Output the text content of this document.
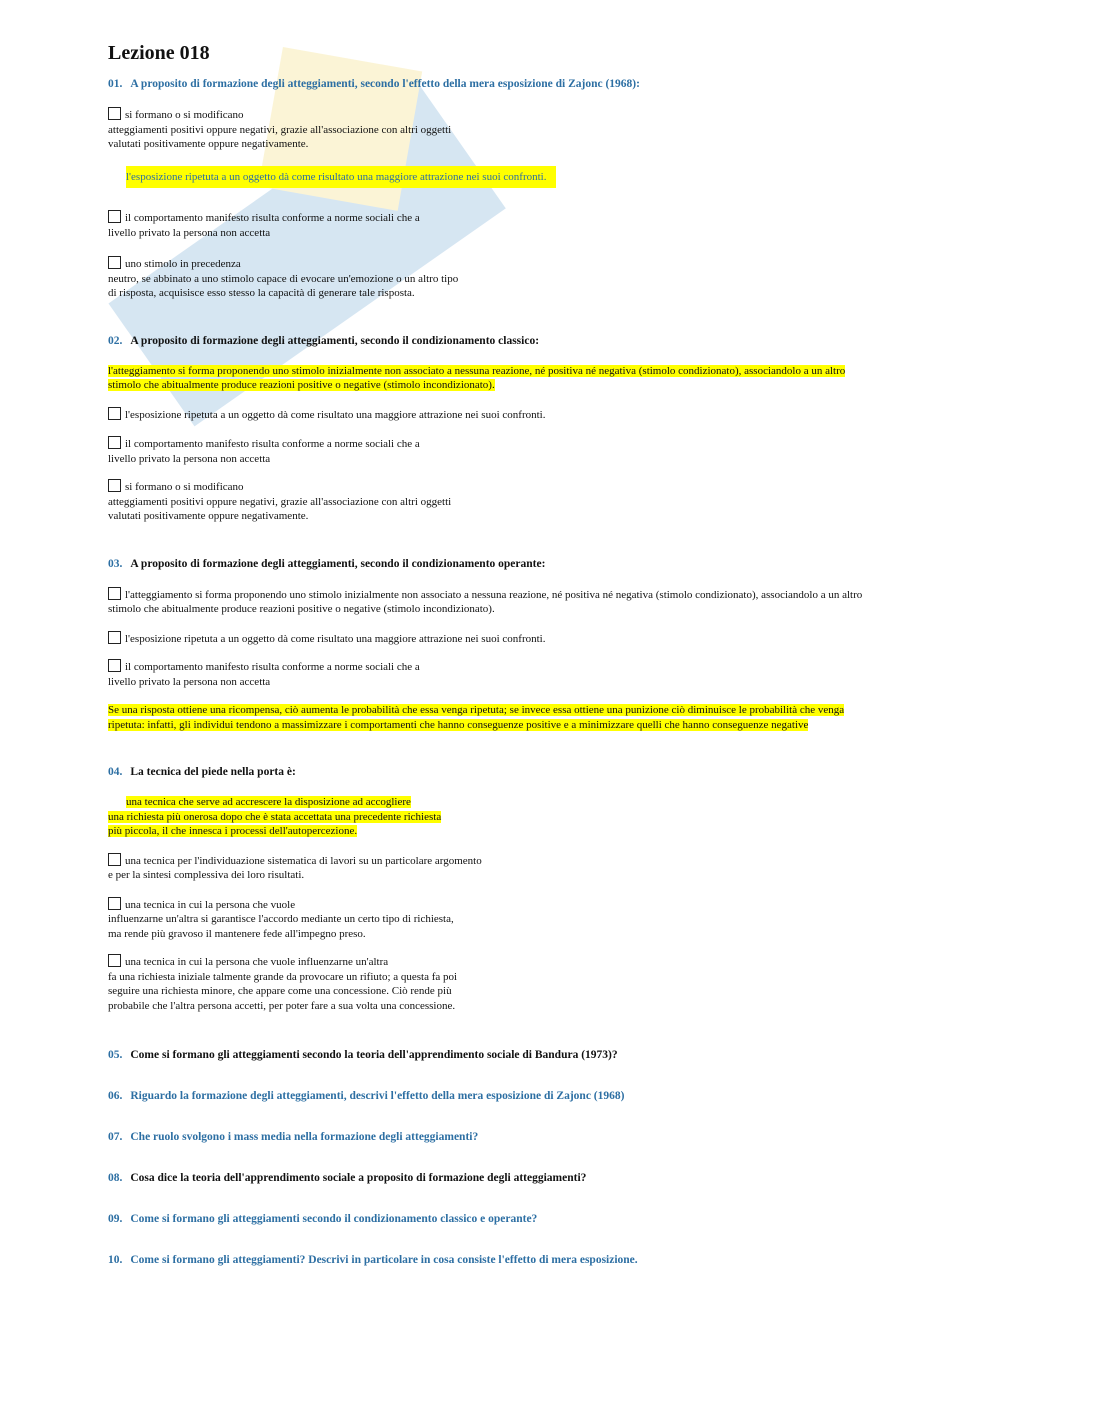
Lezione 018
01. A proposito di formazione degli atteggiamenti, secondo l'effetto della mera esposizione di Zajonc (1968):
si formano o si modificano
atteggiamenti positivi oppure negativi, grazie all'associazione con altri oggetti
valutati positivamente oppure negativamente.
l'esposizione ripetuta a un oggetto dà come risultato una maggiore attrazione nei suoi confronti.
il comportamento manifesto risulta conforme a norme sociali che a
livello privato la persona non accetta
uno stimolo in precedenza
neutro, se abbinato a uno stimolo capace di evocare un'emozione o un altro tipo
di risposta, acquisisce esso stesso la capacità di generare tale risposta.
02. A proposito di formazione degli atteggiamenti, secondo il condizionamento classico:
l'atteggiamento si forma proponendo uno stimolo inizialmente non associato a nessuna reazione, né positiva né negativa (stimolo condizionato), associandolo a un altro
stimolo che abitualmente produce reazioni positive o negative (stimolo incondizionato).
l'esposizione ripetuta a un oggetto dà come risultato una maggiore attrazione nei suoi confronti.
il comportamento manifesto risulta conforme a norme sociali che a
livello privato la persona non accetta
si formano o si modificano
atteggiamenti positivi oppure negativi, grazie all'associazione con altri oggetti
valutati positivamente oppure negativamente.
03. A proposito di formazione degli atteggiamenti, secondo il condizionamento operante:
l'atteggiamento si forma proponendo uno stimolo inizialmente non associato a nessuna reazione, né positiva né negativa (stimolo condizionato), associandolo a un altro
stimolo che abitualmente produce reazioni positive o negative (stimolo incondizionato).
l'esposizione ripetuta a un oggetto dà come risultato una maggiore attrazione nei suoi confronti.
il comportamento manifesto risulta conforme a norme sociali che a
livello privato la persona non accetta
Se una risposta ottiene una ricompensa, ciò aumenta le probabilità che essa venga ripetuta; se invece essa ottiene una punizione ciò diminuisce le probabilità che venga
ripetuta: infatti, gli individui tendono a massimizzare i comportamenti che hanno conseguenze positive e a minimizzare quelli che hanno conseguenze negative
04. La tecnica del piede nella porta è:
una tecnica che serve ad accrescere la disposizione ad accogliere
una richiesta più onerosa dopo che è stata accettata una precedente richiesta
più piccola, il che innesca i processi dell'autopercezione.
una tecnica per l'individuazione sistematica di lavori su un particolare argomento
e per la sintesi complessiva dei loro risultati.
una tecnica in cui la persona che vuole
influenzarne un'altra si garantisce l'accordo mediante un certo tipo di richiesta,
ma rende più gravoso il mantenere fede all'impegno preso.
una tecnica in cui la persona che vuole influenzarne un'altra
fa una richiesta iniziale talmente grande da provocare un rifiuto; a questa fa poi
seguire una richiesta minore, che appare come una concessione. Ciò rende più
probabile che l'altra persona accetti, per poter fare a sua volta una concessione.
05. Come si formano gli atteggiamenti secondo la teoria dell'apprendimento sociale di Bandura (1973)?
06. Riguardo la formazione degli atteggiamenti, descrivi l'effetto della mera esposizione di Zajonc (1968)
07. Che ruolo svolgono i mass media nella formazione degli atteggiamenti?
08. Cosa dice la teoria dell'apprendimento sociale a proposito di formazione degli atteggiamenti?
09. Come si formano gli atteggiamenti secondo il condizionamento classico e operante?
10. Come si formano gli atteggiamenti? Descrivi in particolare in cosa consiste l'effetto di mera esposizione.
